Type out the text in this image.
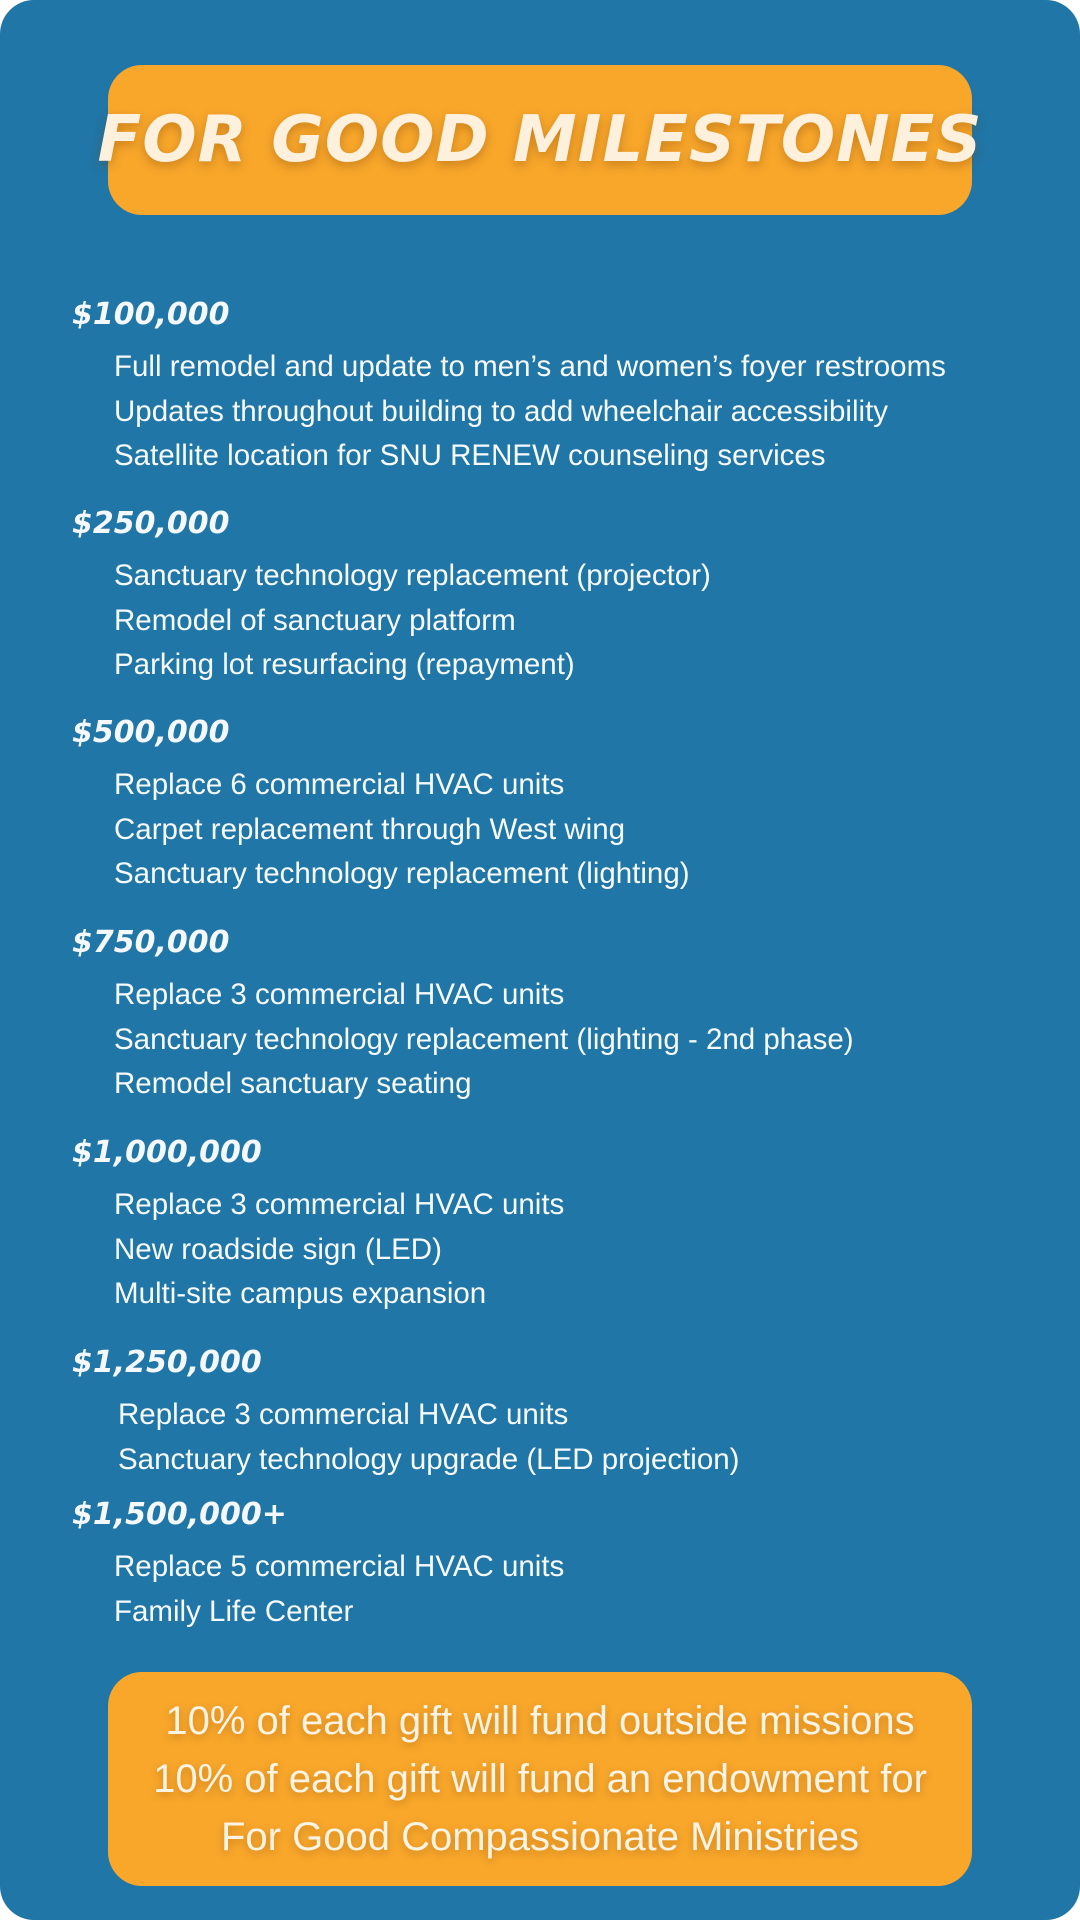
FOR GOOD MILESTONES
$100,000
Full remodel and update to men’s and women’s foyer restrooms
Updates throughout building to add wheelchair accessibility
Satellite location for SNU RENEW counseling services
$250,000
Sanctuary technology replacement (projector)
Remodel of sanctuary platform
Parking lot resurfacing (repayment)
$500,000
Replace 6 commercial HVAC units
Carpet replacement through West wing
Sanctuary technology replacement (lighting)
$750,000
Replace 3 commercial HVAC units
Sanctuary technology replacement (lighting - 2nd phase)
Remodel sanctuary seating
$1,000,000
Replace 3 commercial HVAC units
New roadside sign (LED)
Multi-site campus expansion
$1,250,000
Replace 3 commercial HVAC units
Sanctuary technology upgrade (LED projection)
$1,500,000+
Replace 5 commercial HVAC units
Family Life Center
10% of each gift will fund outside missions
10% of each gift will fund an endowment for
For Good Compassionate Ministries
